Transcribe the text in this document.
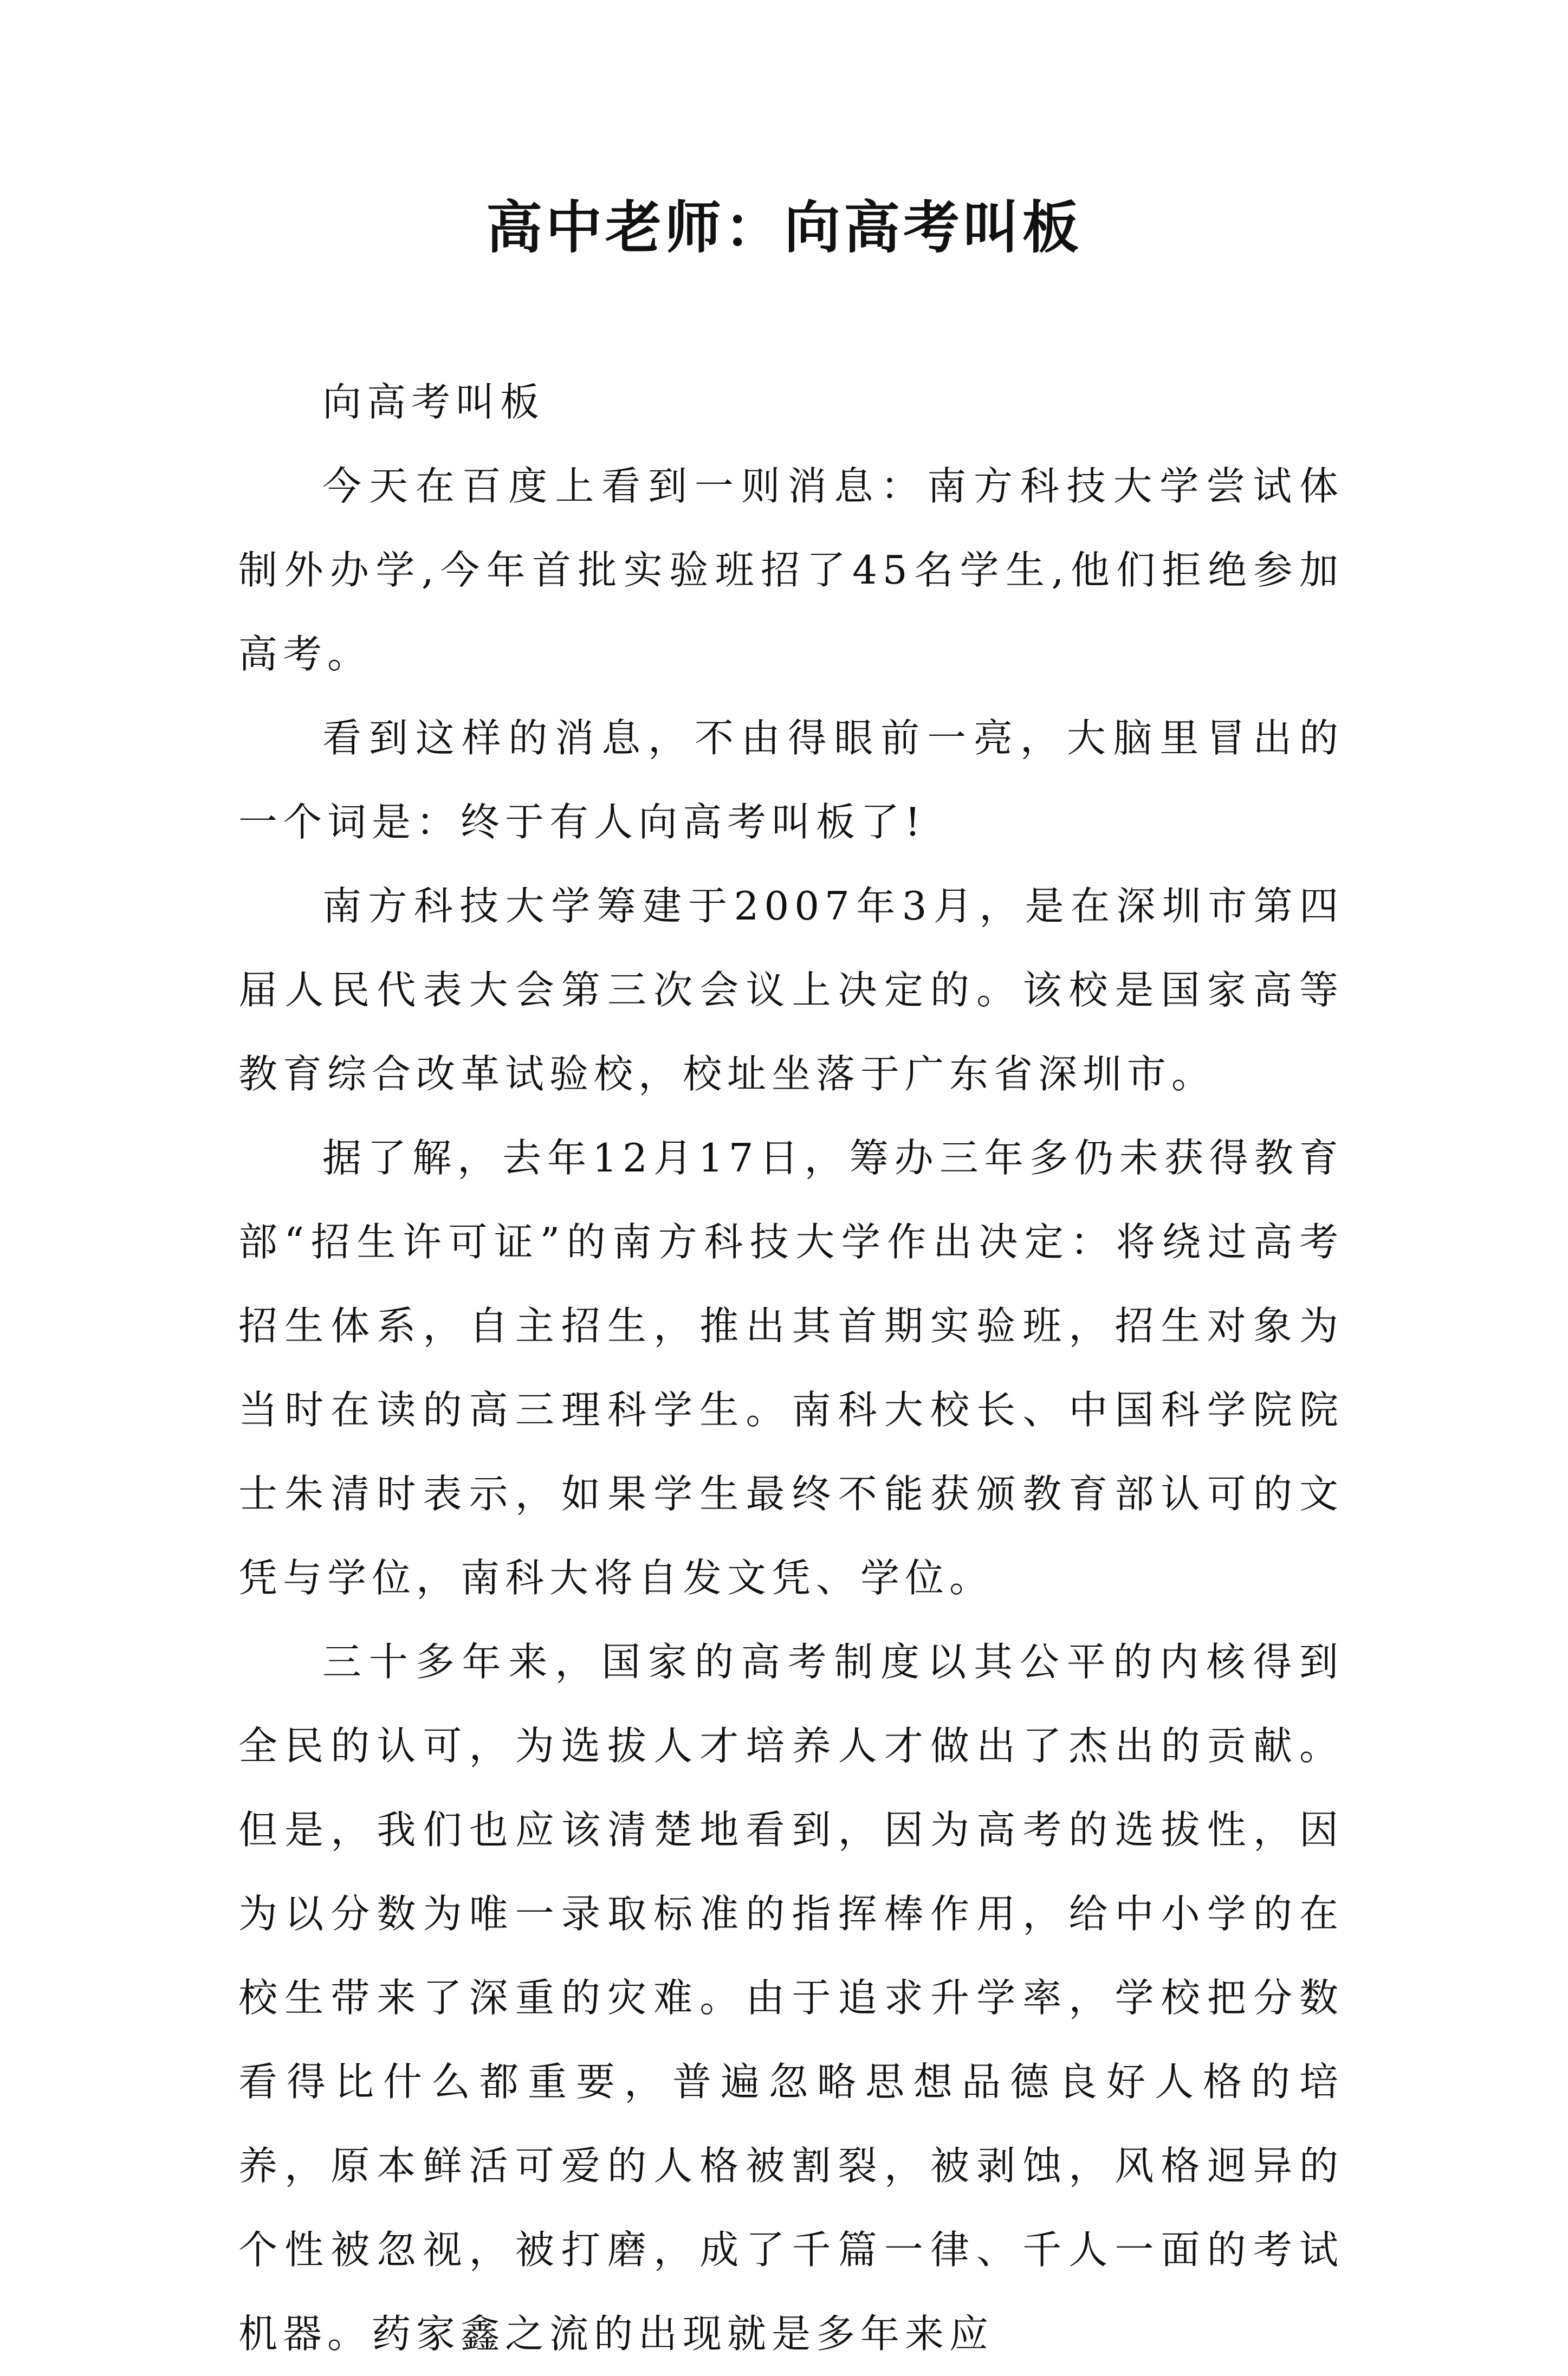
高中老师：向高考叫板

向高考叫板

今天在百度上看到一则消息：南方科技大学尝试体制外办学,今年首批实验班招了45名学生,他们拒绝参加高考。

看到这样的消息，不由得眼前一亮，大脑里冒出的一个词是：终于有人向高考叫板了!

南方科技大学筹建于2007年3月，是在深圳市第四届人民代表大会第三次会议上决定的。该校是国家高等教育综合改革试验校，校址坐落于广东省深圳市。

据了解，去年12月17日，筹办三年多仍未获得教育部“招生许可证”的南方科技大学作出决定：将绕过高考招生体系，自主招生，推出其首期实验班，招生对象为当时在读的高三理科学生。南科大校长、中国科学院院士朱清时表示，如果学生最终不能获颁教育部认可的文凭与学位，南科大将自发文凭、学位。

三十多年来，国家的高考制度以其公平的内核得到全民的认可，为选拔人才培养人才做出了杰出的贡献。但是，我们也应该清楚地看到，因为高考的选拔性，因为以分数为唯一录取标准的指挥棒作用，给中小学的在校生带来了深重的灾难。由于追求升学率，学校把分数看得比什么都重要，普遍忽略思想品德良好人格的培养，原本鲜活可爱的人格被割裂，被剥蚀，风格迥异的个性被忽视，被打磨，成了千篇一律、千人一面的考试机器。药家鑫之流的出现就是多年来应
